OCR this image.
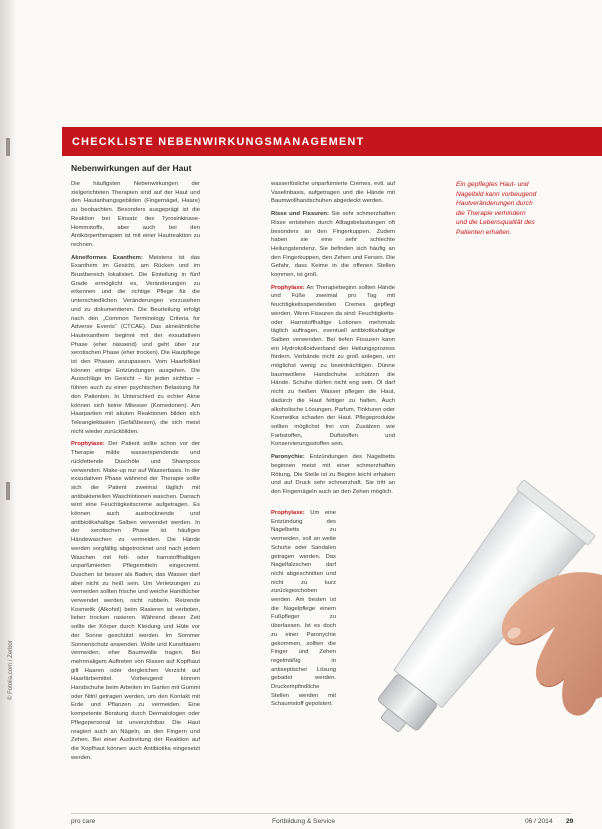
© Fotolia.com / Zerbor
CHECKLISTE NEBENWIRKUNGSMANAGEMENT
Nebenwirkungen auf der Haut

Die häufigsten Nebenwirkungen der zielgerichteten Therapien sind auf der Haut und den Hautanhangsgebilden (Fingernägel, Haare) zu beobachten. Besonders ausgeprägt ist die Reaktion bei Einsatz des Tyrosinkinase-Hemmstoffs, aber auch bei den Antikörpertherapien ist mit einer Hautreaktion zu rechnen.

Akneiformes Exanthem: Meistens ist das Exanthem im Gesicht, am Rücken und im Brustbereich lokalisiert. Die Einteilung in fünf Grade ermöglicht es, Veränderungen zu erkennen und die richtige Pflege für die unterschiedlichen Veränderungen vorzusehen und zu dokumentieren. Die Beurteilung erfolgt nach den „Common Terminology Criteria for Adverse Events“ (CTCAE). Das akneähnliche Hautexanthem beginnt mit der exsudativen Phase (eher nässend) und geht über zur xerotischen Phase (eher trocken). Die Hautpflege ist den Phasen anzupassen. Vom Haarfollikel können eitrige Entzündungen ausgehen. Die Ausschläge im Gesicht – für jeden sichtbar – führen auch zu einer psychischen Belastung für den Patienten. In Unterschied zu echter Akne können sich keine Mitesser (Komedonen). Am Haarpartien mit akuten Reaktionen bilden sich Teleangiektasien (Gefäßbesen), die sich meist nicht wieder zurückbilden.

Prophylaxe: Der Patient sollte schon vor der Therapie milde wasserspendende und rückfettende Duschöle und Shampoos verwenden. Make-up nur auf Wasserbasis. In der exsudativen Phase während der Therapie sollte sich der Patient zweimal täglich mit antibakteriellen Waschlotionen waschen. Danach wird eine Feuchtigkeitscreme aufgetragen. Es können auch austrocknende und antibiotikahaltige Salben verwendet werden. In der xerotischen Phase ist häufiges Händewaschen zu vermeiden. Die Hände werden sorgfältig abgetrocknet und nach jedem Waschen mit fett- oder harnstoffhaltigen unparfümierten Pflegemitteln eingecremt. Duschen ist besser als Baden, das Wasser darf aber nicht zu heiß sein. Um Verletzungen zu vermeiden sollten frische und weiche Handtücher verwendet werden, nicht rubbeln. Reizende Kosmetik (Alkohol) beim Rasieren ist verboten, lieber trocken rasieren. Während dieser Zeit sollte der Körper durch Kleidung und Hüte vor der Sonne geschützt werden. Im Sommer Sonnenschutz anwenden. Wolle und Kunstfasern vermeiden, eher Baumwolle tragen. Bei mehrmaligem Auftreten von Rissen auf Kopfhaut gilt Haaren oder dergleichen Verzicht auf Haarfärbemittel. Vorbeugend können Handschuhe beim Arbeiten im Garten mit Gummi oder Nitril getragen werden, um den Kontakt mit Erde und Pflanzen zu vermeiden. Eine kompetente Beratung durch Dermatologen oder Pflegepersonal ist unverzichtbar. Die Haut reagiert auch an Nägeln, an den Fingern und Zehen. Bei einer Ausbreitung der Reaktion auf die Kopfhaut können auch Antibiotika eingesetzt werden.

wasserlösliche unparfümierte Cremes, evtl. auf Vaselinbasis, aufgetragen und die Hände mit Baumwollhandschuhen abgedeckt werden.

Risse und Fissuren: Sie sehr schmerzhaften Risse entstehen durch Alltagsbelastungen oft besonders an den Fingerkuppen. Zudem haben sie eine sehr schlechte Heilungstendenz. Sie befinden sich häufig an den Fingerkuppen, den Zehen und Fersen. Die Gefahr, dass Keime in die offenen Stellen kommen, ist groß.

Prophylaxe: An Therapiebeginn sollten Hände und Füße zweimal pro Tag mit feuchtigkeitsspendenden Cremes gepflegt werden. Wenn Fissuren da sind: Feuchtigkeits- oder Harnstoffhaltige Lotionen mehrmals täglich auftragen, eventuell antibiotikahaltige Salben verwenden. Bei tiefen Fissuren kann ein Hydrokolloidverband den Heilungsprozess fördern. Verbände nicht zu groß anlegen, um möglichst wenig zu beeinträchtigen. Dünne baumwollene Handschuhe schützen die Hände. Schuhe dürfen nicht eng sein. Öl darf nicht zu heißen Wasser pflegen die Haut, dadurch die Haut fettiger zu halten. Auch alkoholische Lösungen, Parfum, Tinkturen oder Kosmetika schaden der Haut. Pflegeprodukte sollten möglichst frei von Zusätzen wie Farbstoffen, Duftstoffen und Konservierungsstoffen sein.

Paronychie: Entzündungen des Nagelbetts beginnen meist mit einer schmerzhaften Rötung. Die Stelle ist zu Beginn leicht erhaben und auf Druck sehr schmerzhaft. Sie tritt an den Fingernägeln auch an den Zehen möglich.

Prophylaxe: Um eine Entzündung des Nagelbetts zu vermeiden, soll an weite Schuhe oder Sandalen getragen werden. Das Nagelfalzschen darf nicht abgeschnitten und nicht zu kurz zurückgeschoben werden. Am besten ist die Nagelpflege einem Fußpfleger zu überlassen. Ist es doch zu einer Paronychie gekommen, sollten die Finger und Zehen regelmäßig in antiseptischer Lösung gebadet werden. Druckempfindliche Stellen werden mit Schaumstoff gepolstert.

Ein gepflegtes Haut- und Nagelbild kann vorbeugend Hautveränderungen durch die Therapie verhindern und die Lebensqualität des Patienten erhalten.
pro care	Fortbildung & Service	06 / 2014 29
